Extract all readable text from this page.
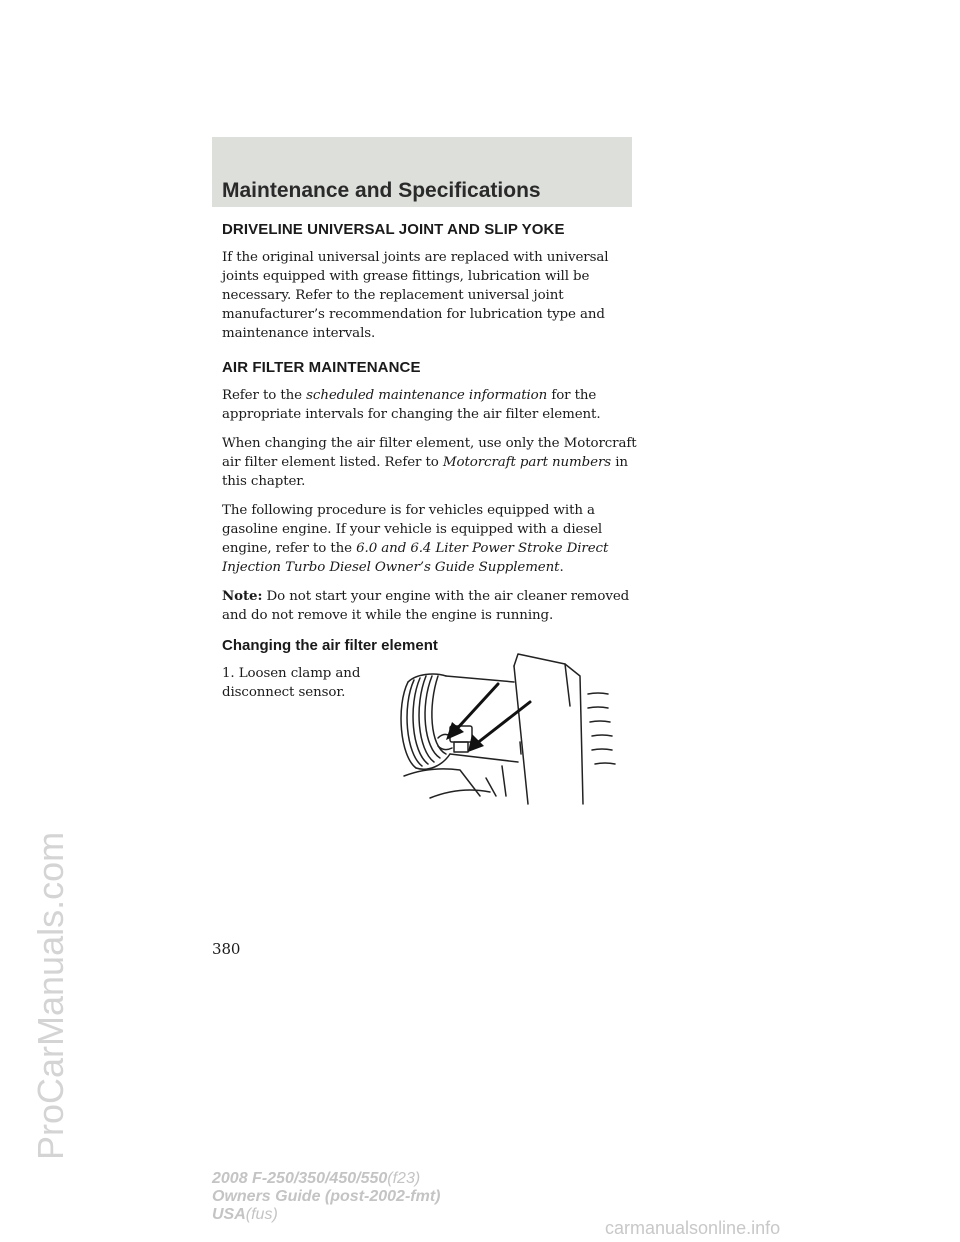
Maintenance and Specifications
DRIVELINE UNIVERSAL JOINT AND SLIP YOKE

If the original universal joints are replaced with universal joints equipped with grease fittings, lubrication will be necessary. Refer to the replacement universal joint manufacturer’s recommendation for lubrication type and maintenance intervals.

AIR FILTER MAINTENANCE

Refer to the scheduled maintenance information for the appropriate intervals for changing the air filter element.

When changing the air filter element, use only the Motorcraft air filter element listed. Refer to Motorcraft part numbers in this chapter.

The following procedure is for vehicles equipped with a gasoline engine. If your vehicle is equipped with a diesel engine, refer to the 6.0 and 6.4 Liter Power Stroke Direct Injection Turbo Diesel Owner’s Guide Supplement.

Note: Do not start your engine with the air cleaner removed and do not remove it while the engine is running.

Changing the air filter element

1. Loosen clamp and disconnect sensor.

380

2008 F-250/350/450/550(f23)
Owners Guide (post-2002-fmt)
USA(fus)
ProCarManuals.com
carmanualsonline.info
